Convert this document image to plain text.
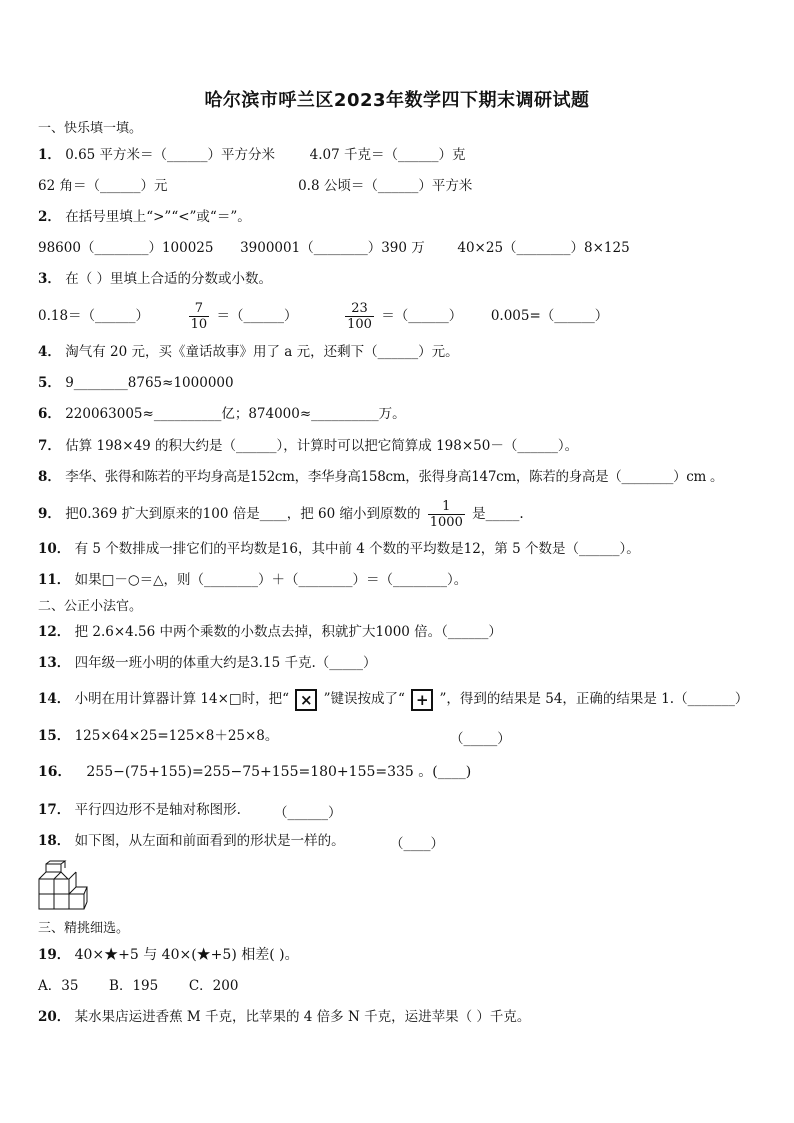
哈尔滨市呼兰区2023年数学四下期末调研试题
一、快乐填一填。
1． 0.65 平方米＝（______）平方分米	4.07 千克＝（______）克
62 角＝（______）元	0.8 公顷＝（______）平方米
2． 在括号里填上“>”“<”或“＝”。
98600（________）100025 3900001（________）390 万 40×25（________）8×125
3． 在（ ）里填上合适的分数或小数。
0.18＝（______）	$\frac{7}{10}$ ＝（______）	$\frac{23}{100}$ ＝（______） 0.005=（______）
4． 淘气有 20 元，买《童话故事》用了 a 元，还剩下（______）元。
5． 9________8765≈1000000
6． 220063005≈__________亿；874000≈__________万。
7． 估算 198×49 的积大约是（______），计算时可以把它简算成 198×50－（______）。
8． 李华、张得和陈若的平均身高是152cm，李华身高158cm，张得身高147cm，陈若的身高是（________）cm 。
9． 把0.369 扩大到原来的100 倍是____，把 60 缩小到原数的 $\frac{1}{1000}$ 是_____.
10． 有 5 个数排成一排它们的平均数是16，其中前 4 个数的平均数是12，第 5 个数是（______）。
11． 如果□－○＝△，则（________）＋（________）＝（________）。
二、公正小法官。
12． 把 2.6×4.56 中两个乘数的小数点去掉，积就扩大1000 倍。（______）
13． 四年级一班小明的体重大约是3.15 千克.（_____）
14． 小明在用计算器计算 14×□时，把“ × ”键误按成了“ + ”，得到的结果是 54，正确的结果是 1.（_______）
15． 125×64×25=125×8＋25×8。	（_____）
16． 255−(75+155)=255−75+155=180+155=335 。(____)
17． 平行四边形不是轴对称图形. （______）
18． 如下图，从左面和前面看到的形状是一样的。	（____）
三、精挑细选。
19． 40×★+5 与 40×(★+5) 相差( )。
A．35 B．195 C．200
20． 某水果店运进香蕉 M 千克，比苹果的 4 倍多 N 千克，运进苹果（ ）千克。
